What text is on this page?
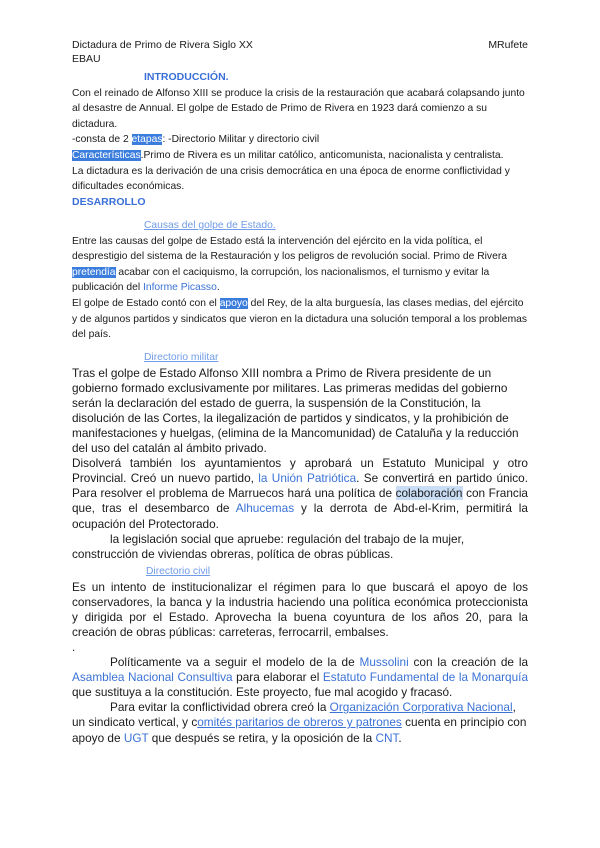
Dictadura de Primo de Rivera Siglo XX
EBAU
MRufete
INTRODUCCIÓN.
Con el reinado de Alfonso XIII se produce la crisis de la restauración que acabará colapsando junto al desastre de Annual. El golpe de Estado de Primo de Rivera en 1923 dará comienzo a su dictadura.
-consta de 2 etapas: -Directorio Militar y directorio civil
Características.Primo de Rivera es un militar católico, anticomunista, nacionalista y centralista.
La dictadura es la derivación de una crisis democrática en una época de enorme conflictividad y dificultades económicas.
DESARROLLO
Causas del golpe de Estado.
Entre las causas del golpe de Estado está la intervención del ejército en la vida política, el desprestigio del sistema de la Restauración y los peligros de revolución social. Primo de Rivera pretendía acabar con el caciquismo, la corrupción, los nacionalismos, el turnismo y evitar la publicación del Informe Picasso.
El golpe de Estado contó con el apoyo del Rey, de la alta burguesía, las clases medias, del ejército y de algunos partidos y sindicatos que vieron en la dictadura una solución temporal a los problemas del país.
Directorio militar
Tras el golpe de Estado Alfonso XIII nombra a Primo de Rivera presidente de un gobierno formado exclusivamente por militares. Las primeras medidas del gobierno serán la declaración del estado de guerra, la suspensión de la Constitución, la disolución de las Cortes, la ilegalización de partidos y sindicatos, y la prohibición de manifestaciones y huelgas, (elimina de la Mancomunidad) de Cataluña y la reducción del uso del catalán al ámbito privado.
Disolverá también los ayuntamientos y aprobará un Estatuto Municipal y otro Provincial. Creó un nuevo partido, la Unión Patriótica. Se convertirá en partido único. Para resolver el problema de Marruecos hará una política de colaboración con Francia que, tras el desembarco de Alhucemas y la derrota de Abd-el-Krim, permitirá la ocupación del Protectorado.
la legislación social que apruebe: regulación del trabajo de la mujer, construcción de viviendas obreras, política de obras públicas.
Directorio civil
Es un intento de institucionalizar el régimen para lo que buscará el apoyo de los conservadores, la banca y la industria haciendo una política económica proteccionista y dirigida por el Estado. Aprovecha la buena coyuntura de los años 20, para la creación de obras públicas: carreteras, ferrocarril, embalses.
.
Políticamente va a seguir el modelo de la de Mussolini con la creación de la Asamblea Nacional Consultiva para elaborar el Estatuto Fundamental de la Monarquía que sustituya a la constitución. Este proyecto, fue mal acogido y fracasó.
Para evitar la conflictividad obrera creó la Organización Corporativa Nacional, un sindicato vertical, y comités paritarios de obreros y patrones cuenta en principio con apoyo de UGT que después se retira, y la oposición de la CNT.
